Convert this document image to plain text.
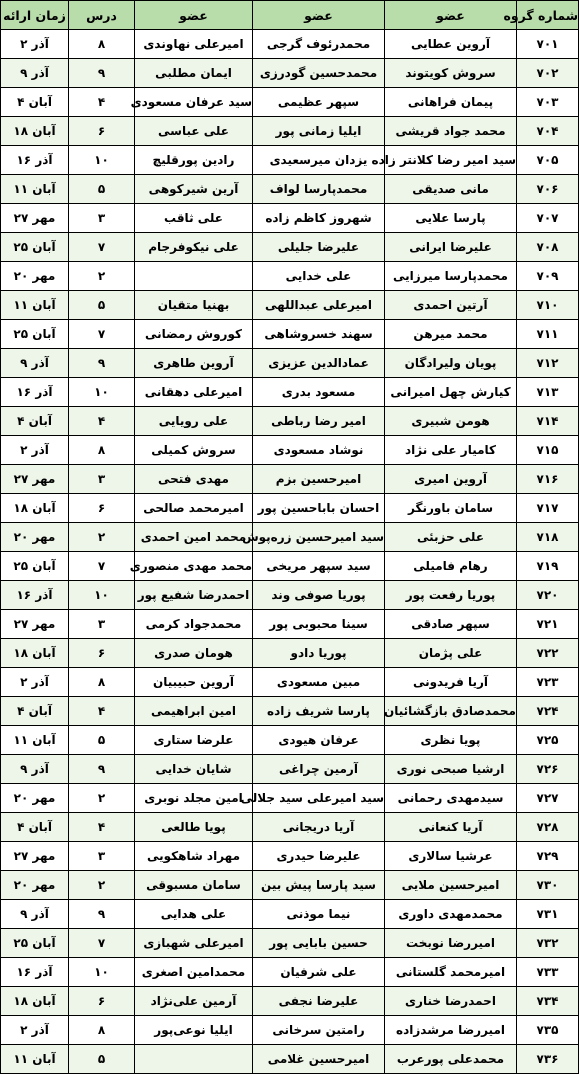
شماره گروه	عضو	عضو	عضو	درس	زمان ارائه
۷۰۱	آروین عطایی	محمدرئوف گرجی	امیرعلی نهاوندی	۸	آذر ۲
۷۰۲	سروش کویتوند	محمدحسین گودرزی	ایمان مطلبی	۹	آذر ۹
۷۰۳	پیمان فراهانی	سپهر عظیمی	سید عرفان مسعودی	۴	آبان ۴
۷۰۴	محمد جواد قریشی	ایلیا زمانی پور	علی عباسی	۶	آبان ۱۸
۷۰۵	سید امیر رضا کلانتر زاده	یزدان میرسعیدی	رادین پورقلیچ	۱۰	آذر ۱۶
۷۰۶	مانی صدیقی	محمدپارسا لواف	آرین شیرکوهی	۵	آبان ۱۱
۷۰۷	پارسا علایی	شهروز کاظم زاده	علی ثاقب	۳	مهر ۲۷
۷۰۸	علیرضا ایرانی	علیرضا جلیلی	علی نیکوفرجام	۷	آبان ۲۵
۷۰۹	محمدپارسا میرزایی	علی خدایی		۲	مهر ۲۰
۷۱۰	آرتین احمدی	امیرعلی عبداللهی	بهنیا متقیان	۵	آبان ۱۱
۷۱۱	محمد میرهن	سهند خسروشاهی	کوروش رمضانی	۷	آبان ۲۵
۷۱۲	پویان ولیرادگان	عمادالدین عزیزی	آروین طاهری	۹	آذر ۹
۷۱۳	کیارش چهل امیرانی	مسعود بدری	امیرعلی دهقانی	۱۰	آذر ۱۶
۷۱۴	هومن شبیری	امیر رضا رباطی	علی رویایی	۴	آبان ۴
۷۱۵	کامیار علی نژاد	نوشاد مسعودی	سروش کمیلی	۸	آذر ۲
۷۱۶	آروین امیری	امیرحسین بزم	مهدی فتحی	۳	مهر ۲۷
۷۱۷	سامان باورنگر	احسان باباحسین پور	امیرمحمد صالحی	۶	آبان ۱۸
۷۱۸	علی حزبئی	سید امیرحسین زره‌پوش	محمد امین احمدی	۲	مهر ۲۰
۷۱۹	رهام فامیلی	سید سپهر مریخی	محمد مهدی منصوری	۷	آبان ۲۵
۷۲۰	پوریا رفعت پور	پوریا صوفی وند	احمدرضا شفیع پور	۱۰	آذر ۱۶
۷۲۱	سپهر صادقی	سینا محبوبی پور	محمدجواد کرمی	۳	مهر ۲۷
۷۲۲	علی پژمان	پوریا دادو	هومان صدری	۶	آبان ۱۸
۷۲۳	آریا فریدونی	مبین مسعودی	آروین حبیبیان	۸	آذر ۲
۷۲۴	محمدصادق بازگشائیان	پارسا شریف زاده	امین ابراهیمی	۴	آبان ۴
۷۲۵	پویا نظری	عرفان هیودی	علرضا ستاری	۵	آبان ۱۱
۷۲۶	ارشیا صبحی نوری	آرمین چراغی	شایان خدایی	۹	آذر ۹
۷۲۷	سیدمهدی رحمانی	سید امیرعلی سید جلالی	امین مجلد نوبری	۲	مهر ۲۰
۷۲۸	آریا کنعانی	آریا دریجانی	پویا طالعی	۴	آبان ۴
۷۲۹	عرشیا سالاری	علیرضا حیدری	مهراد شاهکویی	۳	مهر ۲۷
۷۳۰	امیرحسین ملایی	سید پارسا پیش بین	سامان مسبوقی	۲	مهر ۲۰
۷۳۱	محمدمهدی داوری	نیما موذنی	علی هدایی	۹	آذر ۹
۷۳۲	امیررضا نوبخت	حسین بابایی پور	امیرعلی شهبازی	۷	آبان ۲۵
۷۳۳	امیرمحمد گلستانی	علی شرفیان	محمدامین اصغری	۱۰	آذر ۱۶
۷۳۴	احمدرضا خناری	علیرضا نجفی	آرمین علی‌نژاد	۶	آبان ۱۸
۷۳۵	امیررضا مرشدزاده	رامتین سرخانی	ایلیا نوعی‌پور	۸	آذر ۲
۷۳۶	محمدعلی پورعرب	امیرحسین غلامی		۵	آبان ۱۱
